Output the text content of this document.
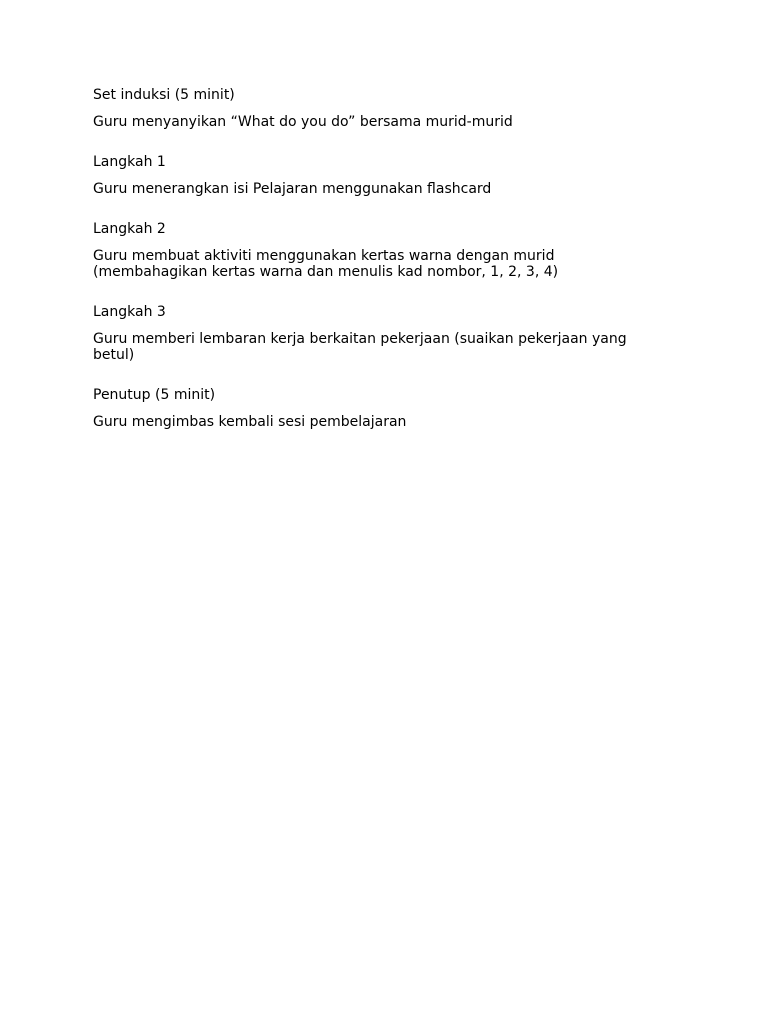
Set induksi (5 minit)

Guru menyanyikan “What do you do” bersama murid-murid

Langkah 1

Guru menerangkan isi Pelajaran menggunakan flashcard

Langkah 2

Guru membuat aktiviti menggunakan kertas warna dengan murid (membahagikan kertas warna dan menulis kad nombor, 1, 2, 3, 4)

Langkah 3

Guru memberi lembaran kerja berkaitan pekerjaan (suaikan pekerjaan yang betul)

Penutup (5 minit)

Guru mengimbas kembali sesi pembelajaran
